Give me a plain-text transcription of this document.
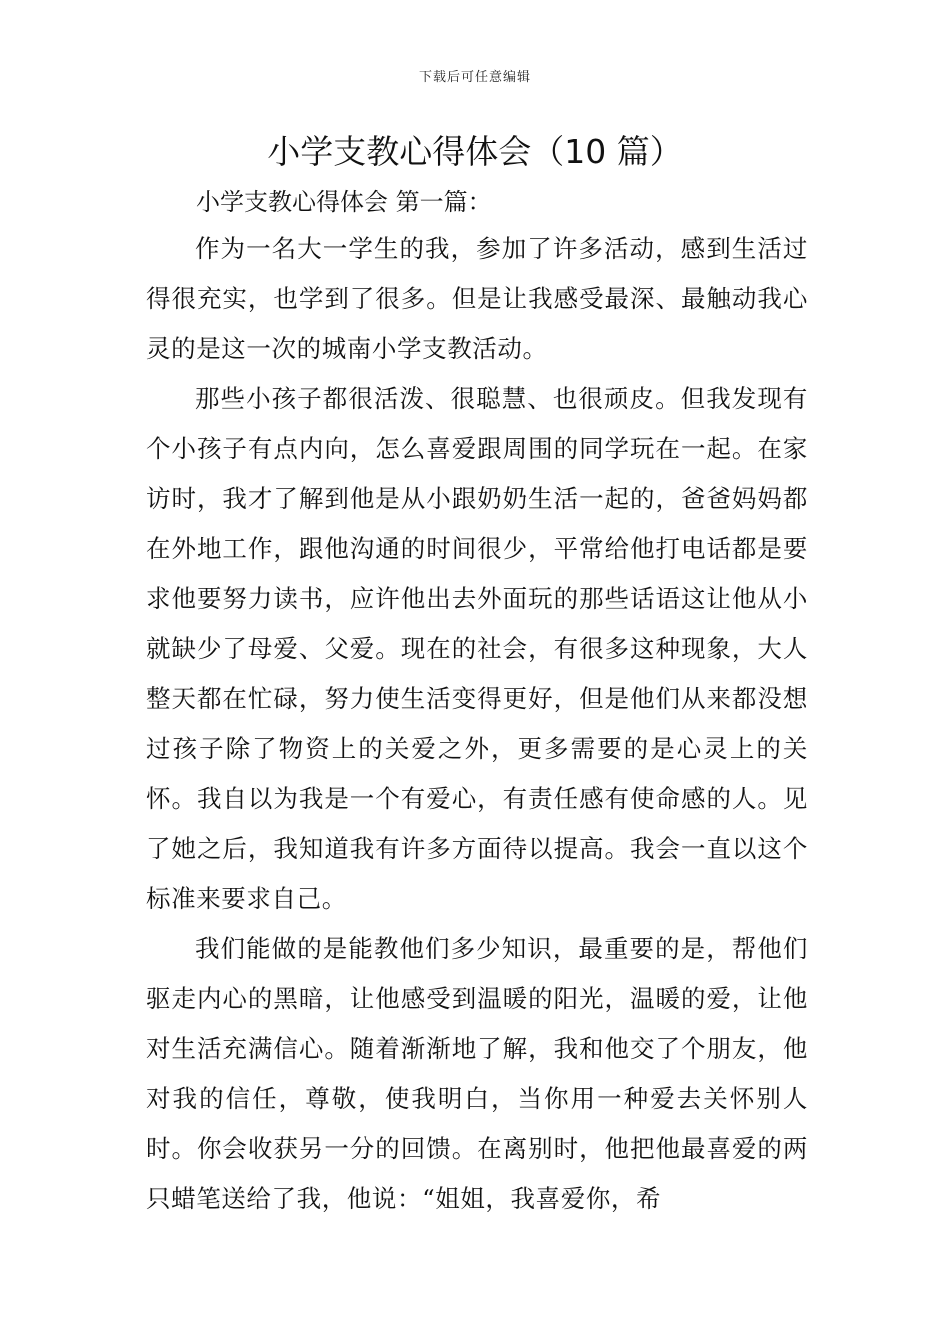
下载后可任意编辑
小学支教心得体会（10 篇）
小学支教心得体会 第一篇：

作为一名大一学生的我，参加了许多活动，感到生活过得很充实，也学到了很多。但是让我感受最深、最触动我心灵的是这一次的城南小学支教活动。

那些小孩子都很活泼、很聪慧、也很顽皮。但我发现有个小孩子有点内向，怎么喜爱跟周围的同学玩在一起。在家访时，我才了解到他是从小跟奶奶生活一起的，爸爸妈妈都在外地工作，跟他沟通的时间很少，平常给他打电话都是要求他要努力读书，应许他出去外面玩的那些话语这让他从小就缺少了母爱、父爱。现在的社会，有很多这种现象，大人整天都在忙碌，努力使生活变得更好，但是他们从来都没想过孩子除了物资上的关爱之外，更多需要的是心灵上的关怀。我自以为我是一个有爱心，有责任感有使命感的人。见了她之后，我知道我有许多方面待以提高。我会一直以这个标准来要求自己。

我们能做的是能教他们多少知识，最重要的是，帮他们驱走内心的黑暗，让他感受到温暖的阳光，温暖的爱，让他对生活充满信心。随着渐渐地了解，我和他交了个朋友，他对我的信任，尊敬，使我明白，当你用一种爱去关怀别人时。你会收获另一分的回馈。在离别时，他把他最喜爱的两只蜡笔送给了我，他说：“姐姐，我喜爱你，希
